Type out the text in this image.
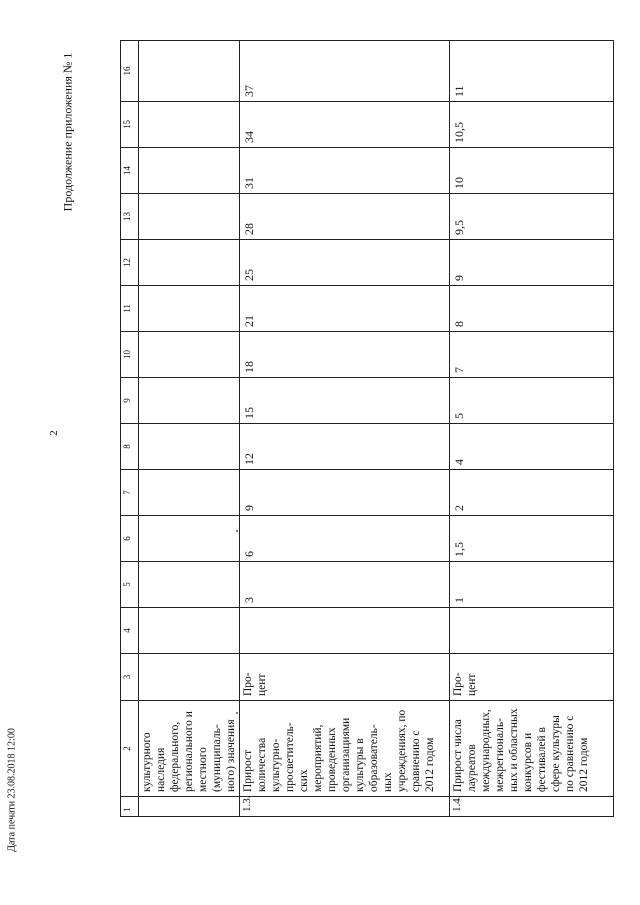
2
Продолжение приложения № 1
Дата печати 23.08.2018 12:00	1	2	3	4	5	6	7	8	9	10	11	12	13	14	15	16
	культурного наследия федерального, регионального и местного (муниципаль-ного) значения														
1.3.	Прирост количества культурно-просветитель-ских мероприятий, проведенных организациями культуры в образователь-ных учреждениях, по сравнению с 2012 годом	Про-цент		3	6	9	12	15	18	21	25	28	31	34	37
1.4.	Прирост числа лауреатов международных, межрегиональ-ных и областных конкурсов и фестивалей в сфере культуры по сравнению с 2012 годом	Про-цент		1	1,5	2	4	5	7	8	9	9,5	10	10,5	11
